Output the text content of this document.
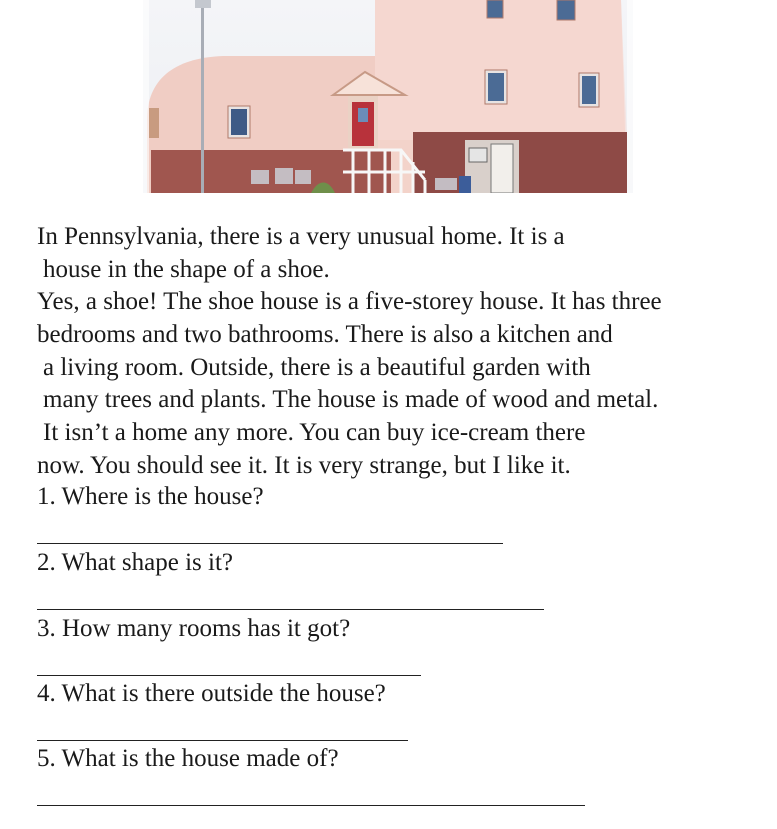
In Pennsylvania, there is a very unusual home. It is a
house in the shape of a shoe.
Yes, a shoe! The shoe house is a five-storey house. It has three
bedrooms and two bathrooms. There is also a kitchen and
a living room. Outside, there is a beautiful garden with
many trees and plants. The house is made of wood and metal.
It isn’t a home any more. You can buy ice-cream there
now. You should see it. It is very strange, but I like it.
1. Where is the house?
2. What shape is it?
3. How many rooms has it got?
4. What is there outside the house?
5. What is the house made of?
